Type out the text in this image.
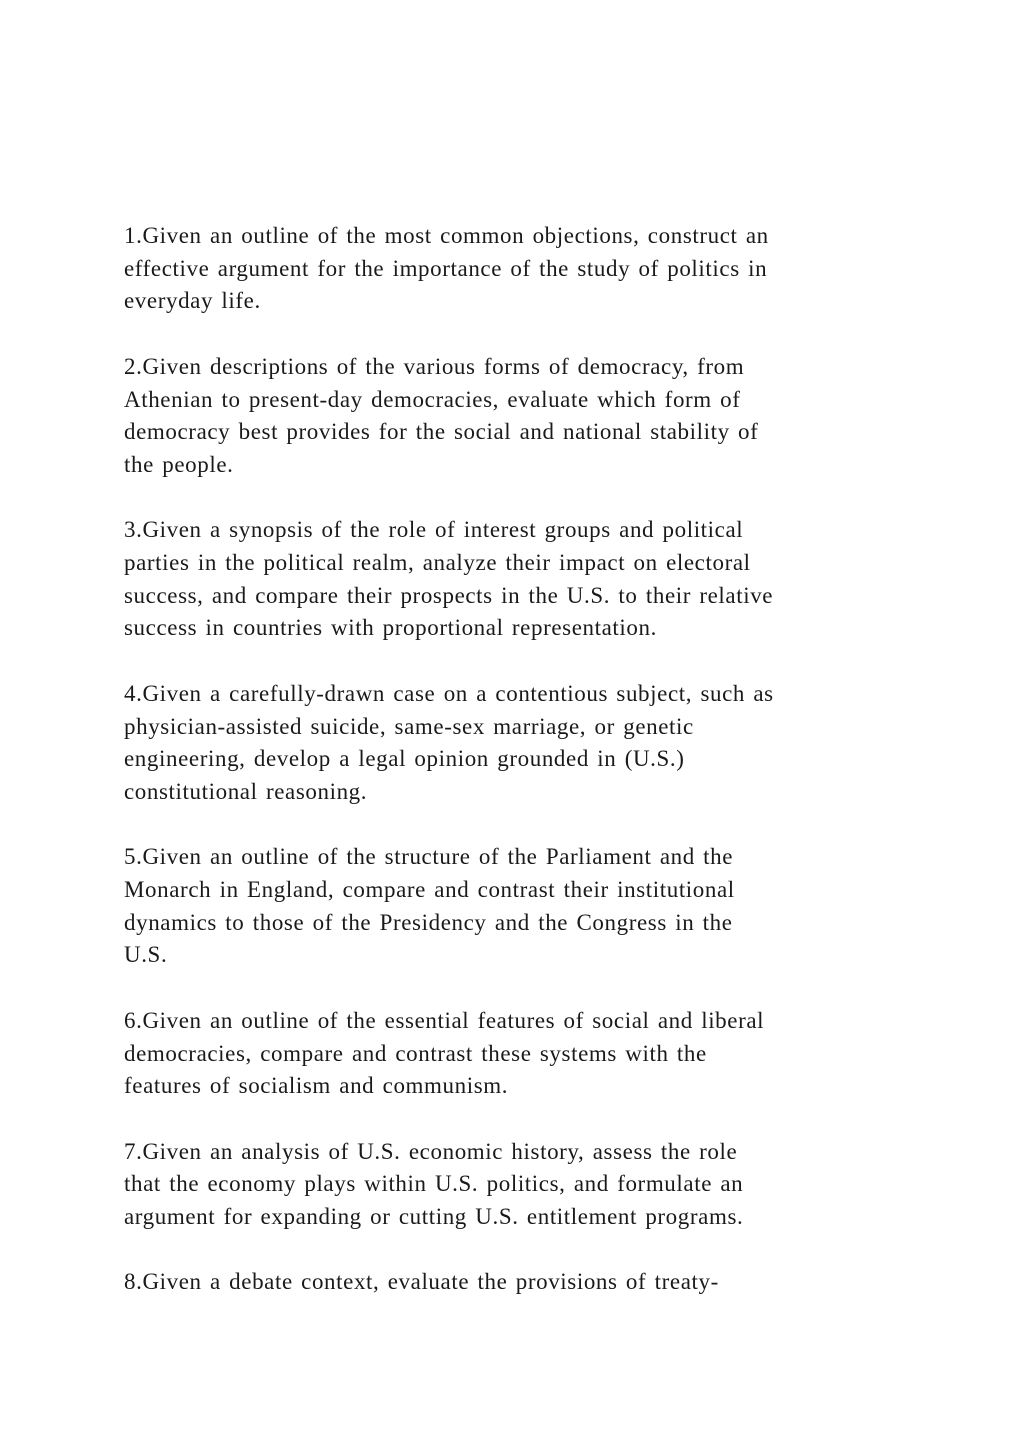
1.Given an outline of the most common objections, construct an
effective argument for the importance of the study of politics in
everyday life.

2.Given descriptions of the various forms of democracy, from
Athenian to present-day democracies, evaluate which form of
democracy best provides for the social and national stability of
the people.

3.Given a synopsis of the role of interest groups and political
parties in the political realm, analyze their impact on electoral
success, and compare their prospects in the U.S. to their relative
success in countries with proportional representation.

4.Given a carefully-drawn case on a contentious subject, such as
physician-assisted suicide, same-sex marriage, or genetic
engineering, develop a legal opinion grounded in (U.S.)
constitutional reasoning.

5.Given an outline of the structure of the Parliament and the
Monarch in England, compare and contrast their institutional
dynamics to those of the Presidency and the Congress in the
U.S.

6.Given an outline of the essential features of social and liberal
democracies, compare and contrast these systems with the
features of socialism and communism.

7.Given an analysis of U.S. economic history, assess the role
that the economy plays within U.S. politics, and formulate an
argument for expanding or cutting U.S. entitlement programs.

8.Given a debate context, evaluate the provisions of treaty-
